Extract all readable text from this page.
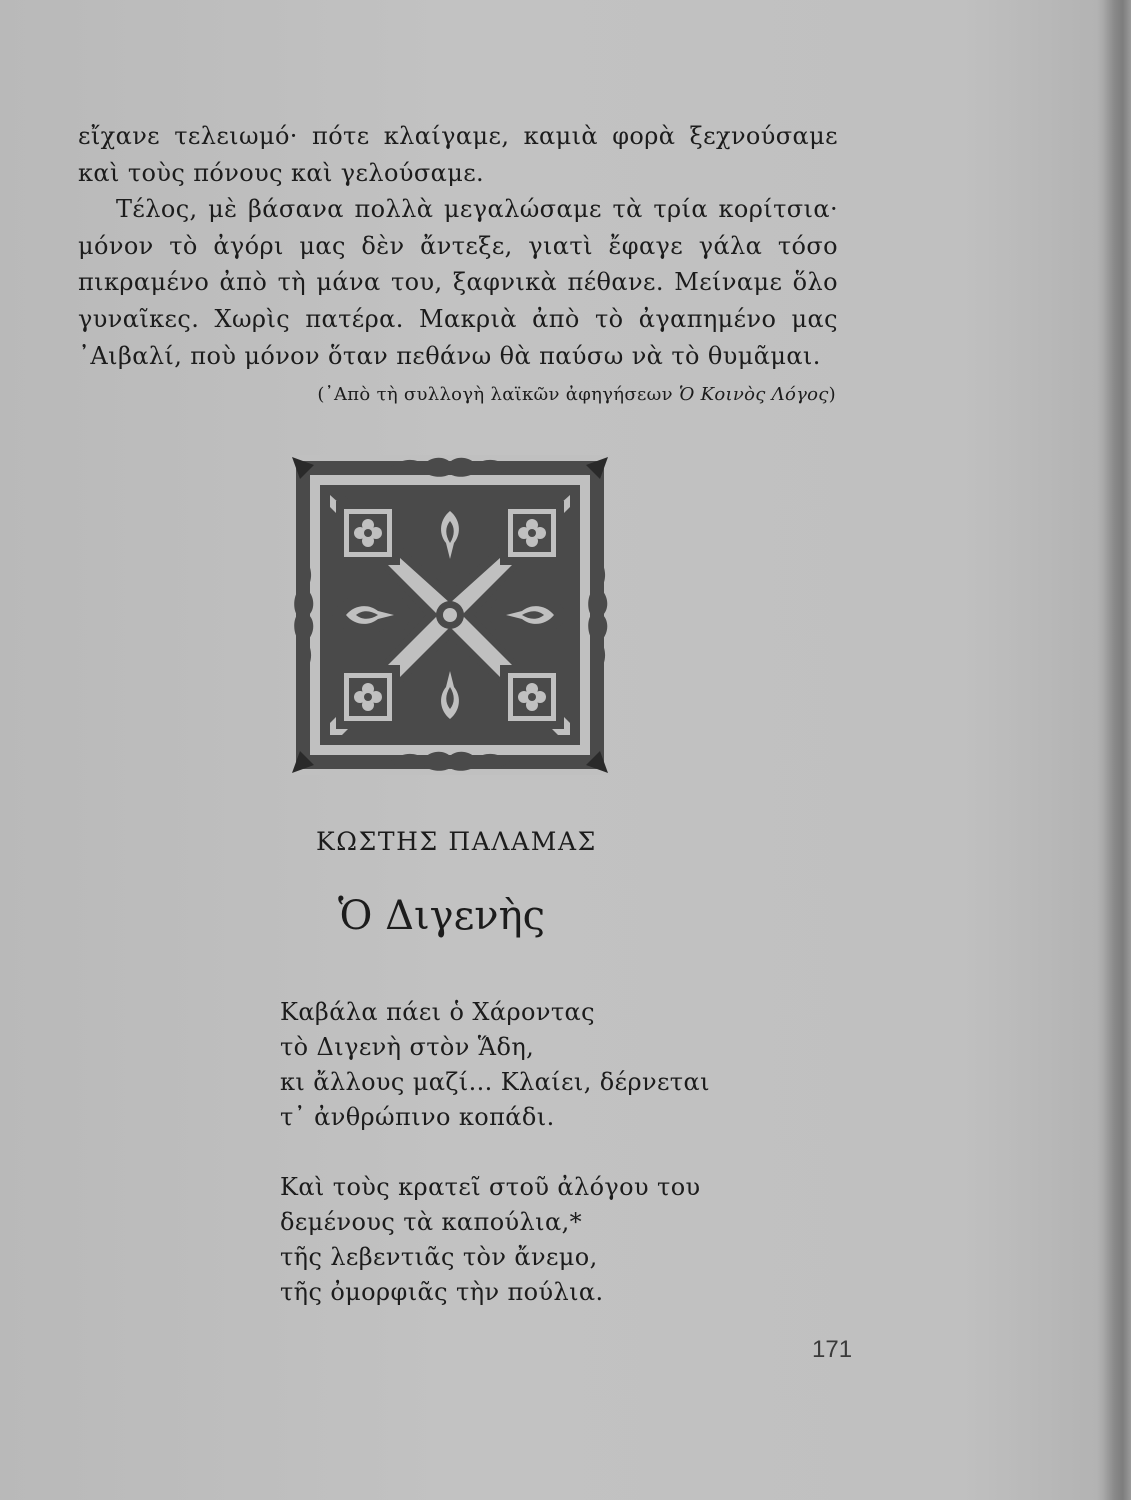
εἴχανε τελειωμό· πότε κλαίγαμε, καμιὰ φορὰ ξεχνούσαμε καὶ τοὺς πόνους καὶ γελούσαμε.

Τέλος, μὲ βάσανα πολλὰ μεγαλώσαμε τὰ τρία κορίτσια· μόνον τὸ ἀγόρι μας δὲν ἄντεξε, γιατὶ ἔφαγε γάλα τόσο πικραμένο ἀπὸ τὴ μάνα του, ξαφνικὰ πέθανε. Μείναμε ὅλο γυναῖκες. Χωρὶς πατέρα. Μακριὰ ἀπὸ τὸ ἀγαπημένο μας ᾿Αιβαλί, ποὺ μόνον ὅταν πεθάνω θὰ παύσω νὰ τὸ θυμᾶμαι.

(᾿Απὸ τὴ συλλογὴ λαϊκῶν ἀφηγήσεων Ὁ Κοινὸς Λόγος)
ΚΩΣΤΗΣ ΠΑΛΑΜΑΣ
Ὁ Διγενὴς
Καβάλα πάει ὁ Χάροντας
τὸ Διγενὴ στὸν Ἅδη,
κι ἄλλους μαζί... Κλαίει, δέρνεται
τ᾿ ἀνθρώπινο κοπάδι.
Καὶ τοὺς κρατεῖ στοῦ ἀλόγου του
δεμένους τὰ καπούλια,*
τῆς λεβεντιᾶς τὸν ἄνεμο,
τῆς ὀμορφιᾶς τὴν πούλια.
171
